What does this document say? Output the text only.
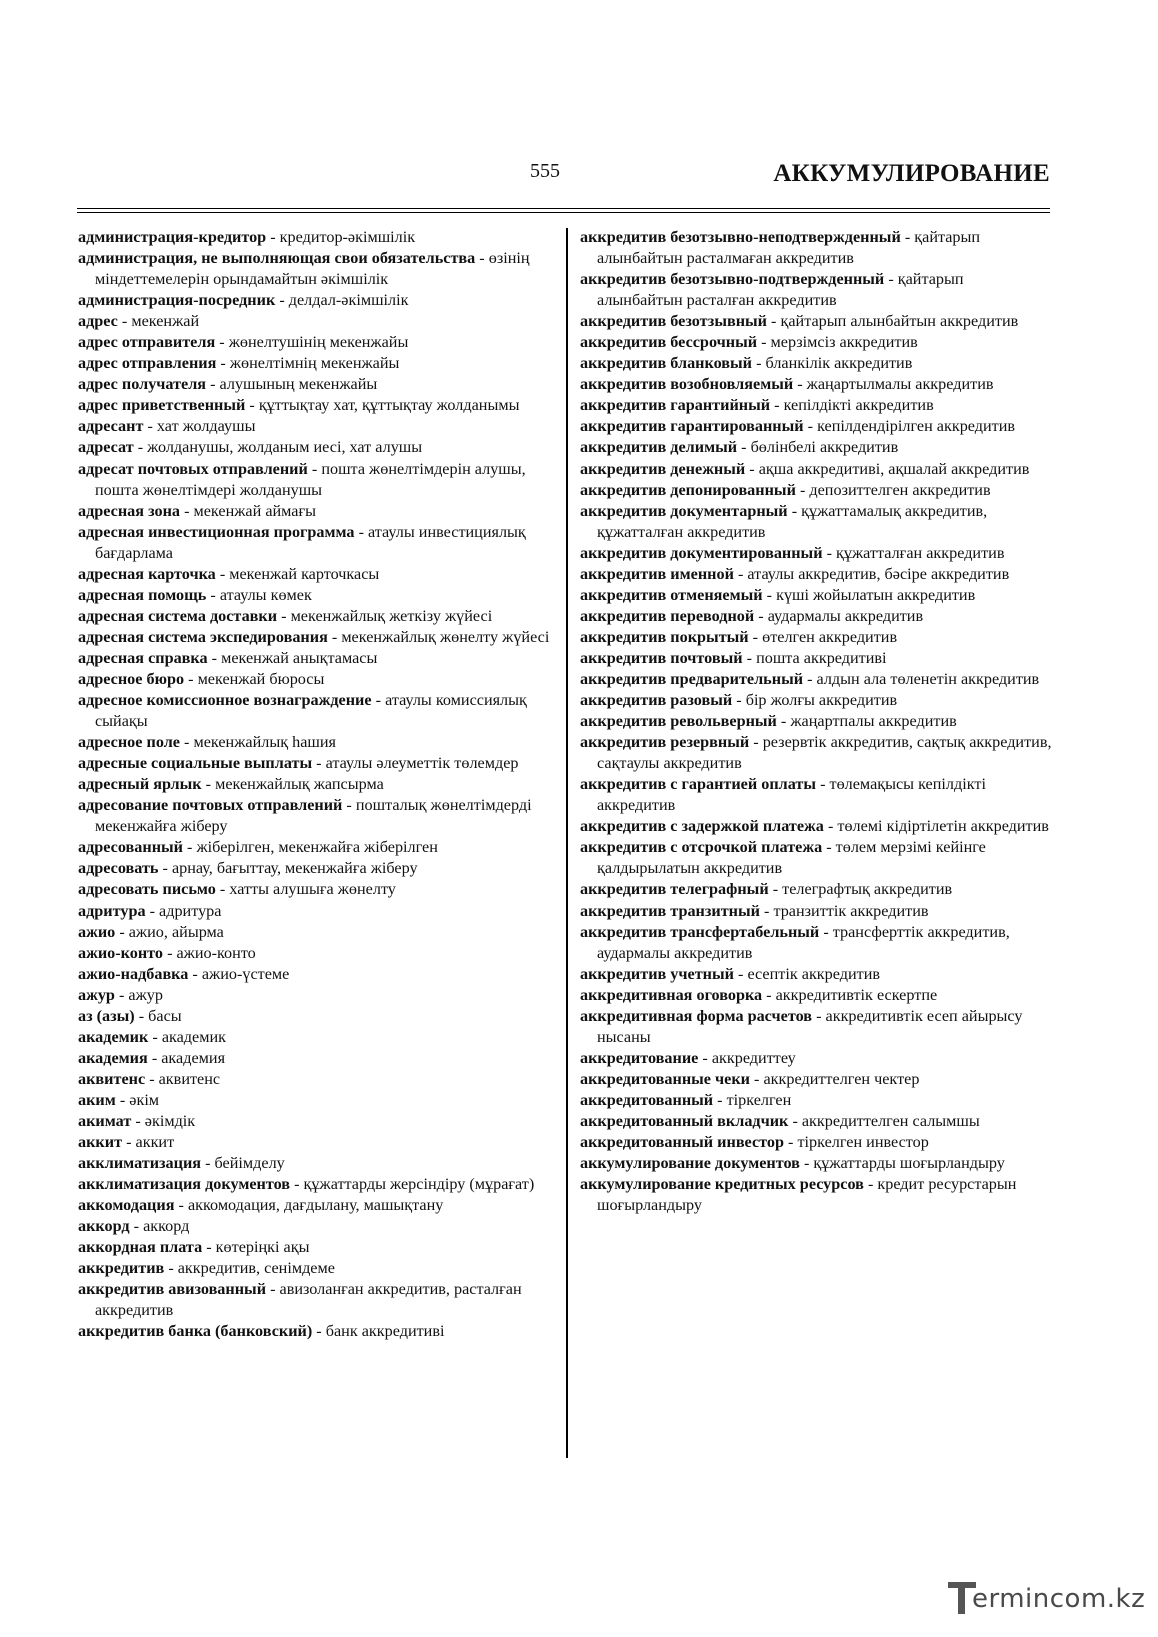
555	АККУМУЛИРОВАНИЕ

администрация-кредитор - кредитор-әкімшілік

администрация, не выполняющая свои обязательства - өзінің міндеттемелерін орындамайтын әкімшілік

администрация-посредник - делдал-әкімшілік

адрес - мекенжай

адрес отправителя - жөнелтушінің мекенжайы

адрес отправления - жөнелтімнің мекенжайы

адрес получателя - алушының мекенжайы

адрес приветственный - құттықтау хат, құттықтау жолданымы

адресант - хат жолдаушы

адресат - жолданушы, жолданым иесі, хат алушы

адресат почтовых отправлений - пошта жөнелтімдерін алушы, пошта жөнелтімдері жолданушы

адресная зона - мекенжай аймағы

адресная инвестиционная программа - атаулы инвестициялық бағдарлама

адресная карточка - мекенжай карточкасы

адресная помощь - атаулы көмек

адресная система доставки - мекенжайлық жеткізу жүйесі

адресная система экспедирования - мекенжайлық жөнелту жүйесі

адресная справка - мекенжай анықтамасы

адресное бюро - мекенжай бюросы

адресное комиссионное вознаграждение - атаулы комиссиялық сыйақы

адресное поле - мекенжайлық һашия

адресные социальные выплаты - атаулы әлеуметтік төлемдер

адресный ярлык - мекенжайлық жапсырма

адресование почтовых отправлений - пошталық жөнелтімдерді мекенжайға жіберу

адресованный - жіберілген, мекенжайға жіберілген

адресовать - арнау, бағыттау, мекенжайға жіберу

адресовать письмо - хатты алушыға жөнелту

адритура - адритура

ажио - ажио, айырма

ажио-конто - ажио-конто

ажио-надбавка - ажио-үстеме

ажур - ажур

аз (азы) - басы

академик - академик

академия - академия

аквитенс - аквитенс

аким - әкім

акимат - әкімдік

аккит - аккит

акклиматизация - бейімделу

акклиматизация документов - құжаттарды жерсіндіру (мұрағат)

аккомодация - аккомодация, дағдылану, машықтану

аккорд - аккорд

аккордная плата - көтерiңкi ақы

аккредитив - аккредитив, сенімдеме

аккредитив авизованный - авизоланған аккредитив, расталған аккредитив

аккредитив банка (банковский) - банк аккредитиві

аккредитив безотзывно-неподтвержденный - қайтарып алынбайтын расталмаған аккредитив

аккредитив безотзывно-подтвержденный - қайтарып алынбайтын расталған аккредитив

аккредитив безотзывный - қайтарып алынбайтын аккредитив

аккредитив бессрочный - мерзімсіз аккредитив

аккредитив бланковый - бланкілік аккредитив

аккредитив возобновляемый - жаңартылмалы аккредитив

аккредитив гарантийный - кепілдікті аккредитив

аккредитив гарантированный - кепілдендірілген аккредитив

аккредитив делимый - бөлінбелі аккредитив

аккредитив денежный - ақша аккредитиві, ақшалай аккредитив

аккредитив депонированный - депозиттелген аккредитив

аккредитив документарный - құжаттамалық аккредитив, құжатталған аккредитив

аккредитив документированный - құжатталған аккредитив

аккредитив именной - атаулы аккредитив, бәсіре аккредитив

аккредитив отменяемый - күші жойылатын аккредитив

аккредитив переводной - аудармалы аккредитив

аккредитив покрытый - өтелген аккредитив

аккредитив почтовый - пошта аккредитиві

аккредитив предварительный - алдын ала төленетін аккредитив

аккредитив разовый - бір жолғы аккредитив

аккредитив револьверный - жаңартпалы аккредитив

аккредитив резервный - резервтік аккредитив, сақтық аккредитив, сақтаулы аккредитив

аккредитив с гарантией оплаты - төлемақысы кепілдікті аккредитив

аккредитив с задержкой платежа - төлемі кідіртілетін аккредитив

аккредитив с отсрочкой платежа - төлем мерзімі кейінге қалдырылатын аккредитив

аккредитив телеграфный - телеграфтық аккредитив

аккредитив транзитный - транзиттік аккредитив

аккредитив трансфертабельный - трансферттік аккредитив, аудармалы аккредитив

аккредитив учетный - есептік аккредитив

аккредитивная оговорка - аккредитивтік ескертпе

аккредитивная форма расчетов - аккредитивтік есеп айырысу нысаны

аккредитование - аккредиттеу

аккредитованные чеки - аккредиттелген чектер

аккредитованный - тіркелген

аккредитованный вкладчик - аккредиттелген салымшы

аккредитованный инвестор - тіркелген инвестор

аккумулирование документов - құжаттарды шоғырландыру

аккумулирование кредитных ресурсов - кредит ресурстарын шоғырландыру

ermincom.kz
